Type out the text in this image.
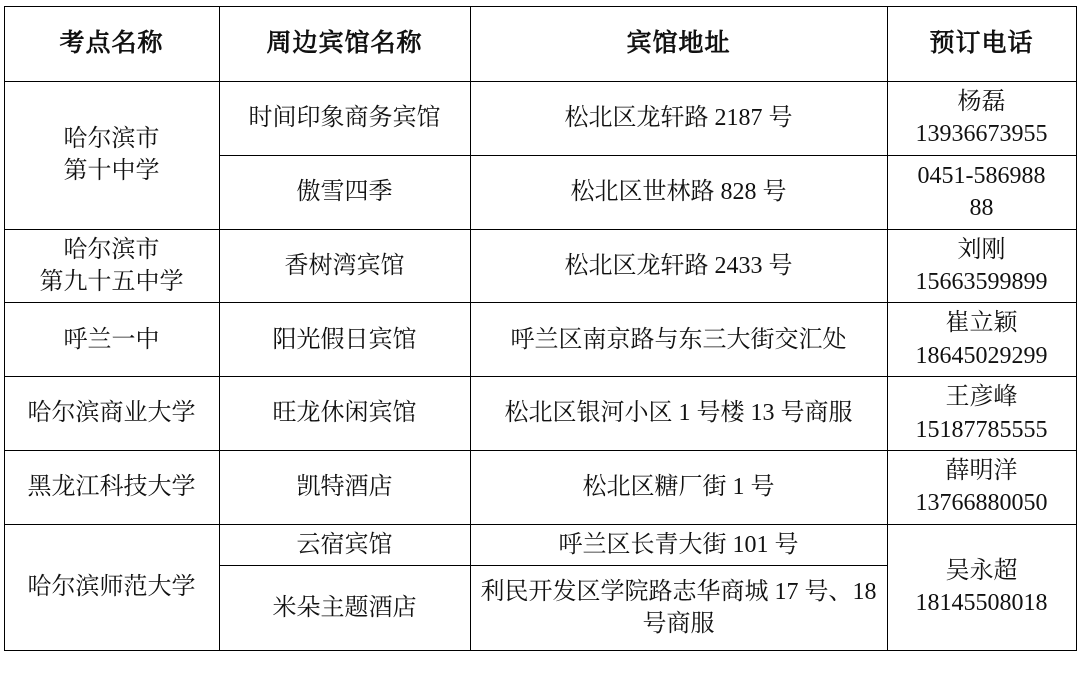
考点名称	周边宾馆名称	宾馆地址	预订电话

哈尔滨市
第十中学	时间印象商务宾馆	松北区龙轩路 2187 号	杨磊
13936673955

	傲雪四季	松北区世林路 828 号	0451-586988
88

哈尔滨市
第九十五中学	香树湾宾馆	松北区龙轩路 2433 号	刘刚
15663599899

呼兰一中	阳光假日宾馆	呼兰区南京路与东三大街交汇处	崔立颖
18645029299

哈尔滨商业大学	旺龙休闲宾馆	松北区银河小区 1 号楼 13 号商服	王彦峰
15187785555

黑龙江科技大学	凯特酒店	松北区糖厂街 1 号	薛明洋
13766880050

哈尔滨师范大学	云宿宾馆	呼兰区长青大街 101 号	吴永超
18145508018

	米朵主题酒店	利民开发区学院路志华商城 17 号、18 号商服	
